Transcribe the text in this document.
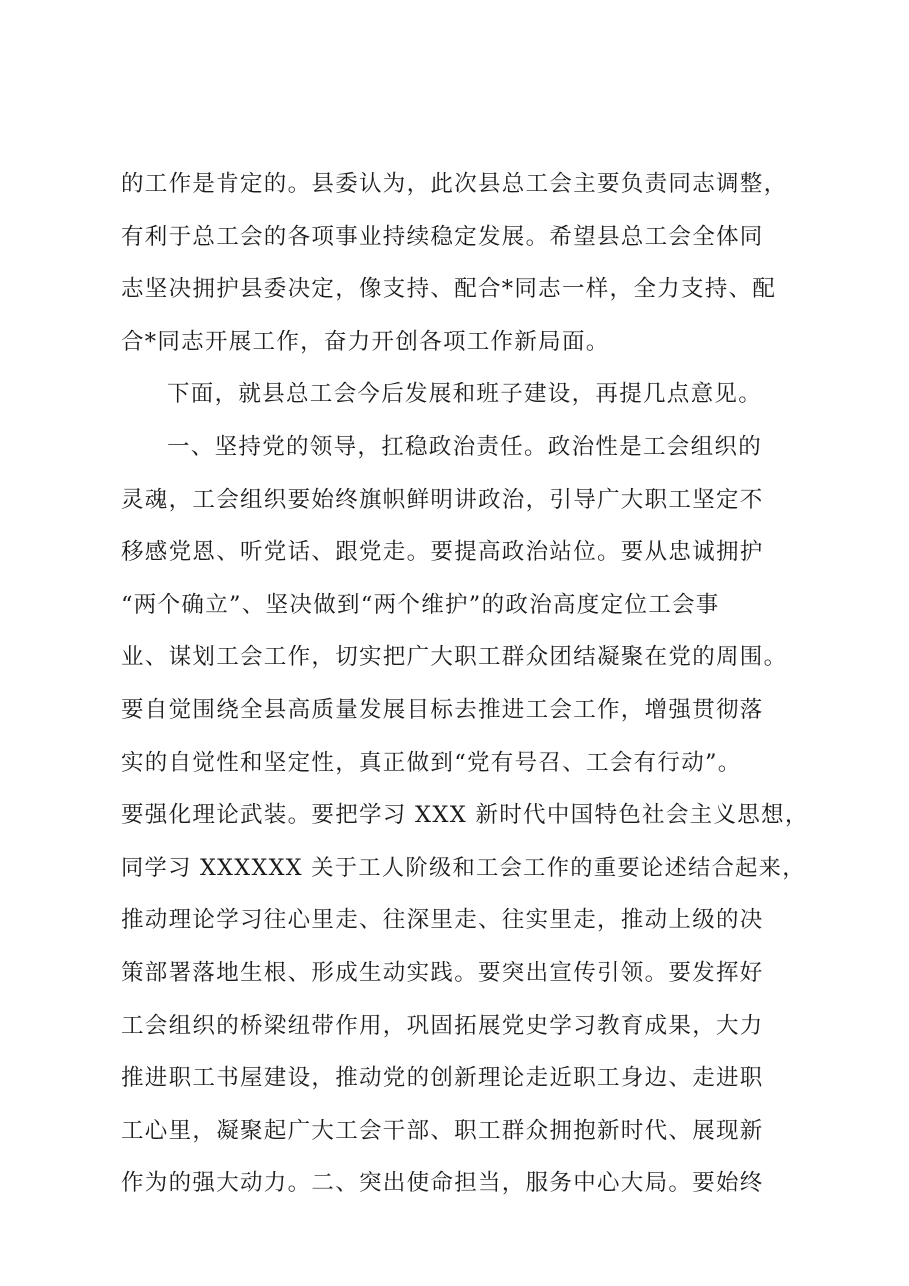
的工作是肯定的。县委认为，此次县总工会主要负责同志调整，
有利于总工会的各项事业持续稳定发展。希望县总工会全体同
志坚决拥护县委决定，像支持、配合*同志一样，全力支持、配
合*同志开展工作，奋力开创各项工作新局面。
下面，就县总工会今后发展和班子建设，再提几点意见。
一、坚持党的领导，扛稳政治责任。政治性是工会组织的
灵魂，工会组织要始终旗帜鲜明讲政治，引导广大职工坚定不
移感党恩、听党话、跟党走。要提高政治站位。要从忠诚拥护
“两个确立”、坚决做到“两个维护”的政治高度定位工会事
业、谋划工会工作，切实把广大职工群众团结凝聚在党的周围。
要自觉围绕全县高质量发展目标去推进工会工作，增强贯彻落
实的自觉性和坚定性，真正做到“党有号召、工会有行动”。
要强化理论武装。要把学习 XXX 新时代中国特色社会主义思想，
同学习 XXXXXX 关于工人阶级和工会工作的重要论述结合起来，
推动理论学习往心里走、往深里走、往实里走，推动上级的决
策部署落地生根、形成生动实践。要突出宣传引领。要发挥好
工会组织的桥梁纽带作用，巩固拓展党史学习教育成果，大力
推进职工书屋建设，推动党的创新理论走近职工身边、走进职
工心里，凝聚起广大工会干部、职工群众拥抱新时代、展现新
作为的强大动力。二、突出使命担当，服务中心大局。要始终
